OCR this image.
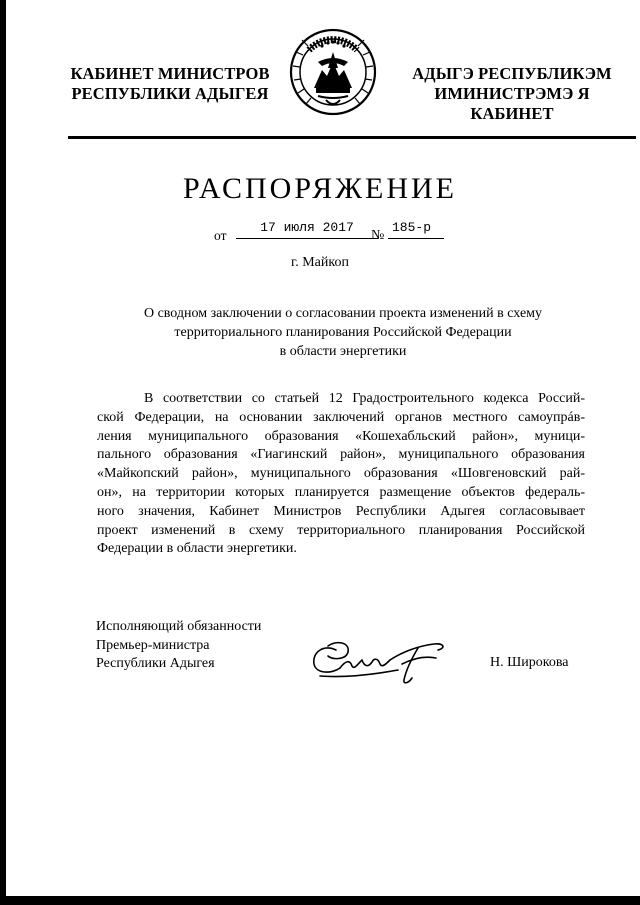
КАБИНЕТ МИНИСТРОВ
РЕСПУБЛИКИ АДЫГЕЯ
АДЫГЭ РЕСПУБЛИКЭМ
ИМИНИСТРЭМЭ Я КАБИНЕТ
РАСПОРЯЖЕНИЕ
от
17 июля 2017
№
185-р
г. Майкоп
О сводном заключении о согласовании проекта изменений в схему
территориального планирования Российской Федерации
в области энергетики
В соответствии со статьей 12 Градостроительного кодекса Россий-
ской Федерации, на основании заключений органов местного самоупрáв-
ления муниципального образования «Кошехабльский район», муници-
пального образования «Гиагинский район», муниципального образования
«Майкопский район», муниципального образования «Шовгеновский рай-
он», на территории которых планируется размещение объектов федераль-
ного значения, Кабинет Министров Республики Адыгея согласовывает
проект изменений в схему территориального планирования Российской
Федерации в области энергетики.
Исполняющий обязанности
Премьер-министра
Республики Адыгея	Н. Широкова
